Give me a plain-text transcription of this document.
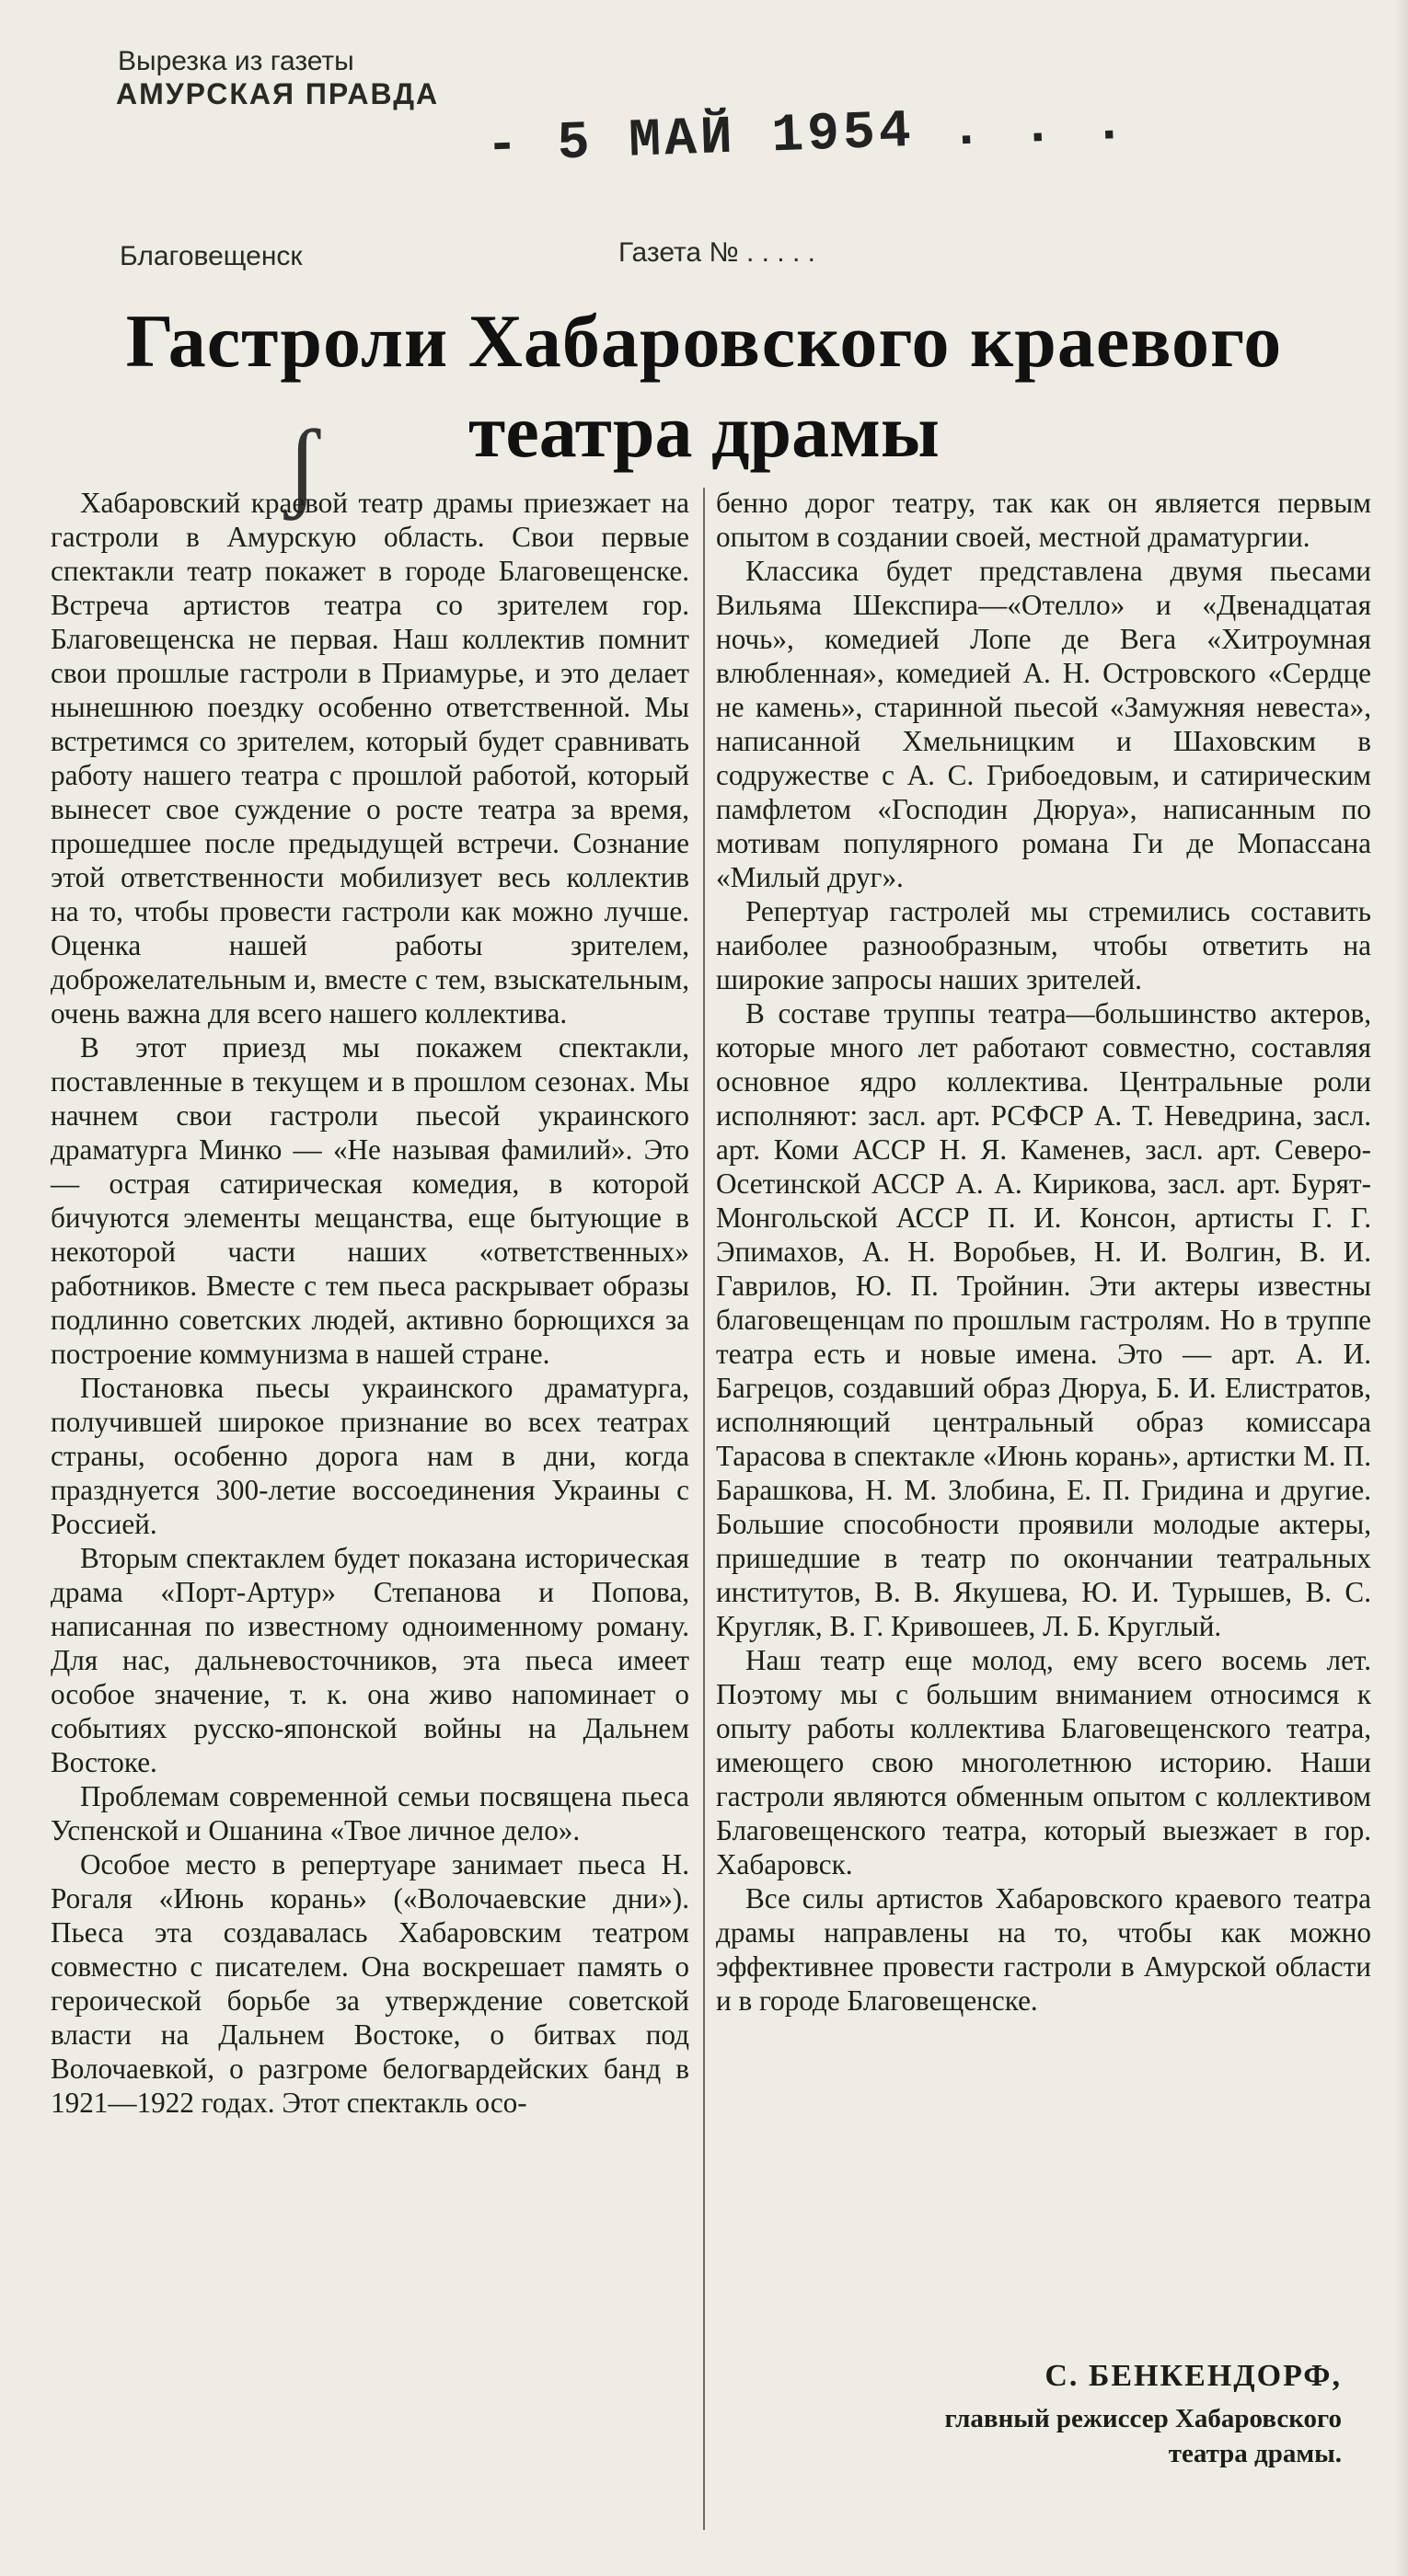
Вырезка из газеты
АМУРСКАЯ ПРАВДА
- 5 МАЙ 1954 . . .
Благовещенск	Газета № . . . . .
Гастроли Хабаровского краевого
театра драмы
ʃ

Хабаровский краевой театр драмы приезжает на гастроли в Амурскую область. Свои первые спектакли театр покажет в городе Благовещенске. Встреча артистов театра со зрителем гор. Благовещенска не первая. Наш коллектив помнит свои прошлые гастроли в Приамурье, и это делает нынешнюю поездку особенно ответственной. Мы встретимся со зрителем, который будет сравнивать работу нашего театра с прошлой работой, который вынесет свое суждение о росте театра за время, прошедшее после предыдущей встречи. Сознание этой ответственности мобилизует весь коллектив на то, чтобы провести гастроли как можно лучше. Оценка нашей работы зрителем, доброжелательным и, вместе с тем, взыскательным, очень важна для всего нашего коллектива.

В этот приезд мы покажем спектакли, поставленные в текущем и в прошлом сезонах. Мы начнем свои гастроли пьесой украинского драматурга Минко — «Не называя фамилий». Это — острая сатирическая комедия, в которой бичуются элементы мещанства, еще бытующие в некоторой части наших «ответственных» работников. Вместе с тем пьеса раскрывает образы подлинно советских людей, активно борющихся за построение коммунизма в нашей стране.

Постановка пьесы украинского драматурга, получившей широкое признание во всех театрах страны, особенно дорога нам в дни, когда празднуется 300-летие воссоединения Украины с Россией.

Вторым спектаклем будет показана историческая драма «Порт-Артур» Степанова и Попова, написанная по известному одноименному роману. Для нас, дальневосточников, эта пьеса имеет особое значение, т. к. она живо напоминает о событиях русско-японской войны на Дальнем Востоке.

Проблемам современной семьи посвящена пьеса Успенской и Ошанина «Твое личное дело».

Особое место в репертуаре занимает пьеса Н. Рогаля «Июнь корань» («Волочаевские дни»). Пьеса эта создавалась Хабаровским театром совместно с писателем. Она воскрешает память о героической борьбе за утверждение советской власти на Дальнем Востоке, о битвах под Волочаевкой, о разгроме белогвардейских банд в 1921—1922 годах. Этот спектакль осо-

бенно дорог театру, так как он является первым опытом в создании своей, местной драматургии.

Классика будет представлена двумя пьесами Вильяма Шекспира—«Отелло» и «Двенадцатая ночь», комедией Лопе де Вега «Хитроумная влюбленная», комедией А. Н. Островского «Сердце не камень», старинной пьесой «Замужняя невеста», написанной Хмельницким и Шаховским в содружестве с А. С. Грибоедовым, и сатирическим памфлетом «Господин Дюруа», написанным по мотивам популярного романа Ги де Мопассана «Милый друг».

Репертуар гастролей мы стремились составить наиболее разнообразным, чтобы ответить на широкие запросы наших зрителей.

В составе труппы театра—большинство актеров, которые много лет работают совместно, составляя основное ядро коллектива. Центральные роли исполняют: засл. арт. РСФСР А. Т. Неведрина, засл. арт. Коми АССР Н. Я. Каменев, засл. арт. Северо-Осетинской АССР А. А. Кирикова, засл. арт. Бурят-Монгольской АССР П. И. Консон, артисты Г. Г. Эпимахов, А. Н. Воробьев, Н. И. Волгин, В. И. Гаврилов, Ю. П. Тройнин. Эти актеры известны благовещенцам по прошлым гастролям. Но в труппе театра есть и новые имена. Это — арт. А. И. Багрецов, создавший образ Дюруа, Б. И. Елистратов, исполняющий центральный образ комиссара Тарасова в спектакле «Июнь корань», артистки М. П. Барашкова, Н. М. Злобина, Е. П. Гридина и другие. Большие способности проявили молодые актеры, пришедшие в театр по окончании театральных институтов, В. В. Якушева, Ю. И. Турышев, В. С. Кругляк, В. Г. Кривошеев, Л. Б. Круглый.

Наш театр еще молод, ему всего восемь лет. Поэтому мы с большим вниманием относимся к опыту работы коллектива Благовещенского театра, имеющего свою многолетнюю историю. Наши гастроли являются обменным опытом с коллективом Благовещенского театра, который выезжает в гор. Хабаровск.

Все силы артистов Хабаровского краевого театра драмы направлены на то, чтобы как можно эффективнее провести гастроли в Амурской области и в городе Благовещенске.

С. БЕНКЕНДОРФ,
главный режиссер Хабаровского
театра драмы.
